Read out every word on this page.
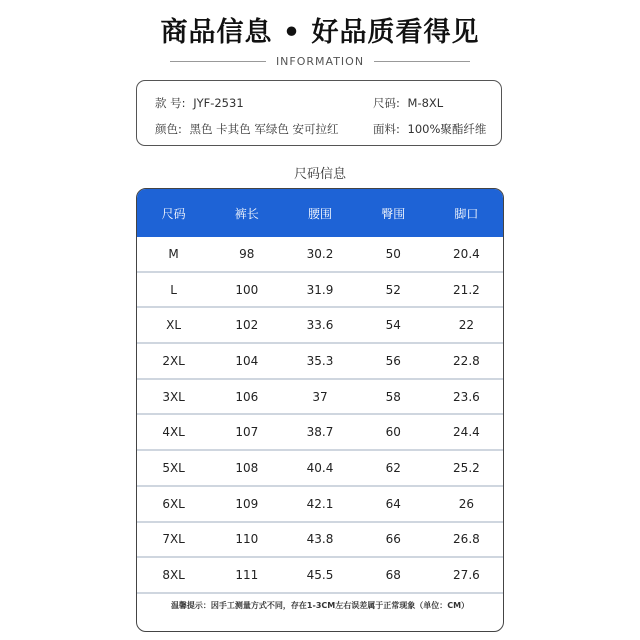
商品信息 • 好品质看得见
INFORMATION
款 号: JYF-2531	尺码: M-8XL
颜色: 黑色 卡其色 军绿色 安可拉红	面料: 100%聚酯纤维
尺码信息
尺码	裤长	腰围	臀围	脚口
M	98	30.2	50	20.4
L	100	31.9	52	21.2
XL	102	33.6	54	22
2XL	104	35.3	56	22.8
3XL	106	37	58	23.6
4XL	107	38.7	60	24.4
5XL	108	40.4	62	25.2
6XL	109	42.1	64	26
7XL	110	43.8	66	26.8
8XL	111	45.5	68	27.6
温馨提示：因手工测量方式不同，存在1-3CM左右误差属于正常现象（单位：CM）
